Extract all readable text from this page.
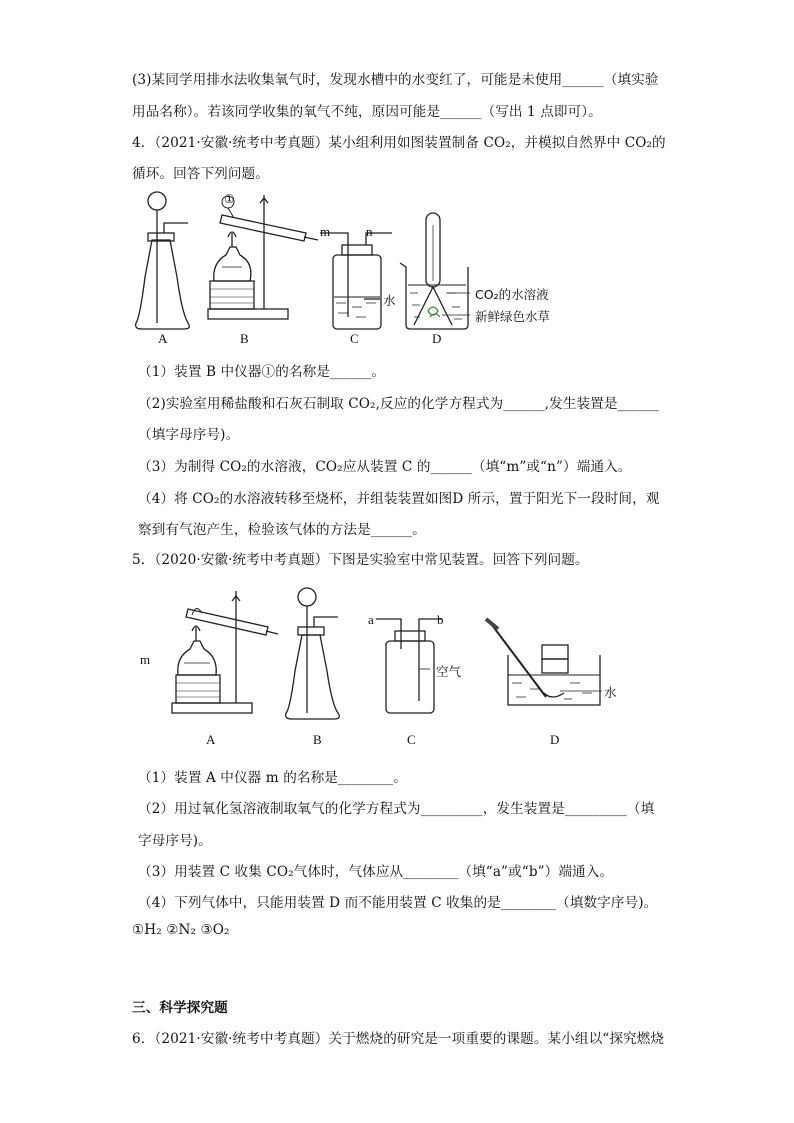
(3)某同学用排水法收集氧气时，发现水槽中的水变红了，可能是未使用______（填实验
用品名称）。若该同学收集的氧气不纯，原因可能是______（写出 1 点即可）。
4．（2021·安徽·统考中考真题）某小组利用如图装置制备 CO₂，并模拟自然界中 CO₂的
循环。回答下列问题。
①
m	n
水	CO₂的水溶液
新鲜绿色水草
A	B	C	D
（1）装置 B 中仪器①的名称是______。
（2)实验室用稀盐酸和石灰石制取 CO₂,反应的化学方程式为______,发生装置是______
（填字母序号)。
（3）为制得 CO₂的水溶液，CO₂应从装置 C 的______（填“m”或“n”）端通入。
（4）将 CO₂的水溶液转移至烧杯，并组装装置如图D 所示，置于阳光下一段时间，观
察到有气泡产生，检验该气体的方法是______。
5．（2020·安徽·统考中考真题）下图是实验室中常见装置。回答下列问题。
m
a	b
空气
水
A	B	C	D
（1）装置 A 中仪器 m 的名称是________。
（2）用过氧化氢溶液制取氧气的化学方程式为_________，发生装置是_________（填
字母序号)。
（3）用装置 C 收集 CO₂气体时，气体应从________（填“a”或“b”）端通入。
（4）下列气体中，只能用装置 D 而不能用装置 C 收集的是________（填数字序号)。
①H₂ ②N₂ ③O₂
三、科学探究题
6．（2021·安徽·统考中考真题）关于燃烧的研究是一项重要的课题。某小组以“探究燃烧
